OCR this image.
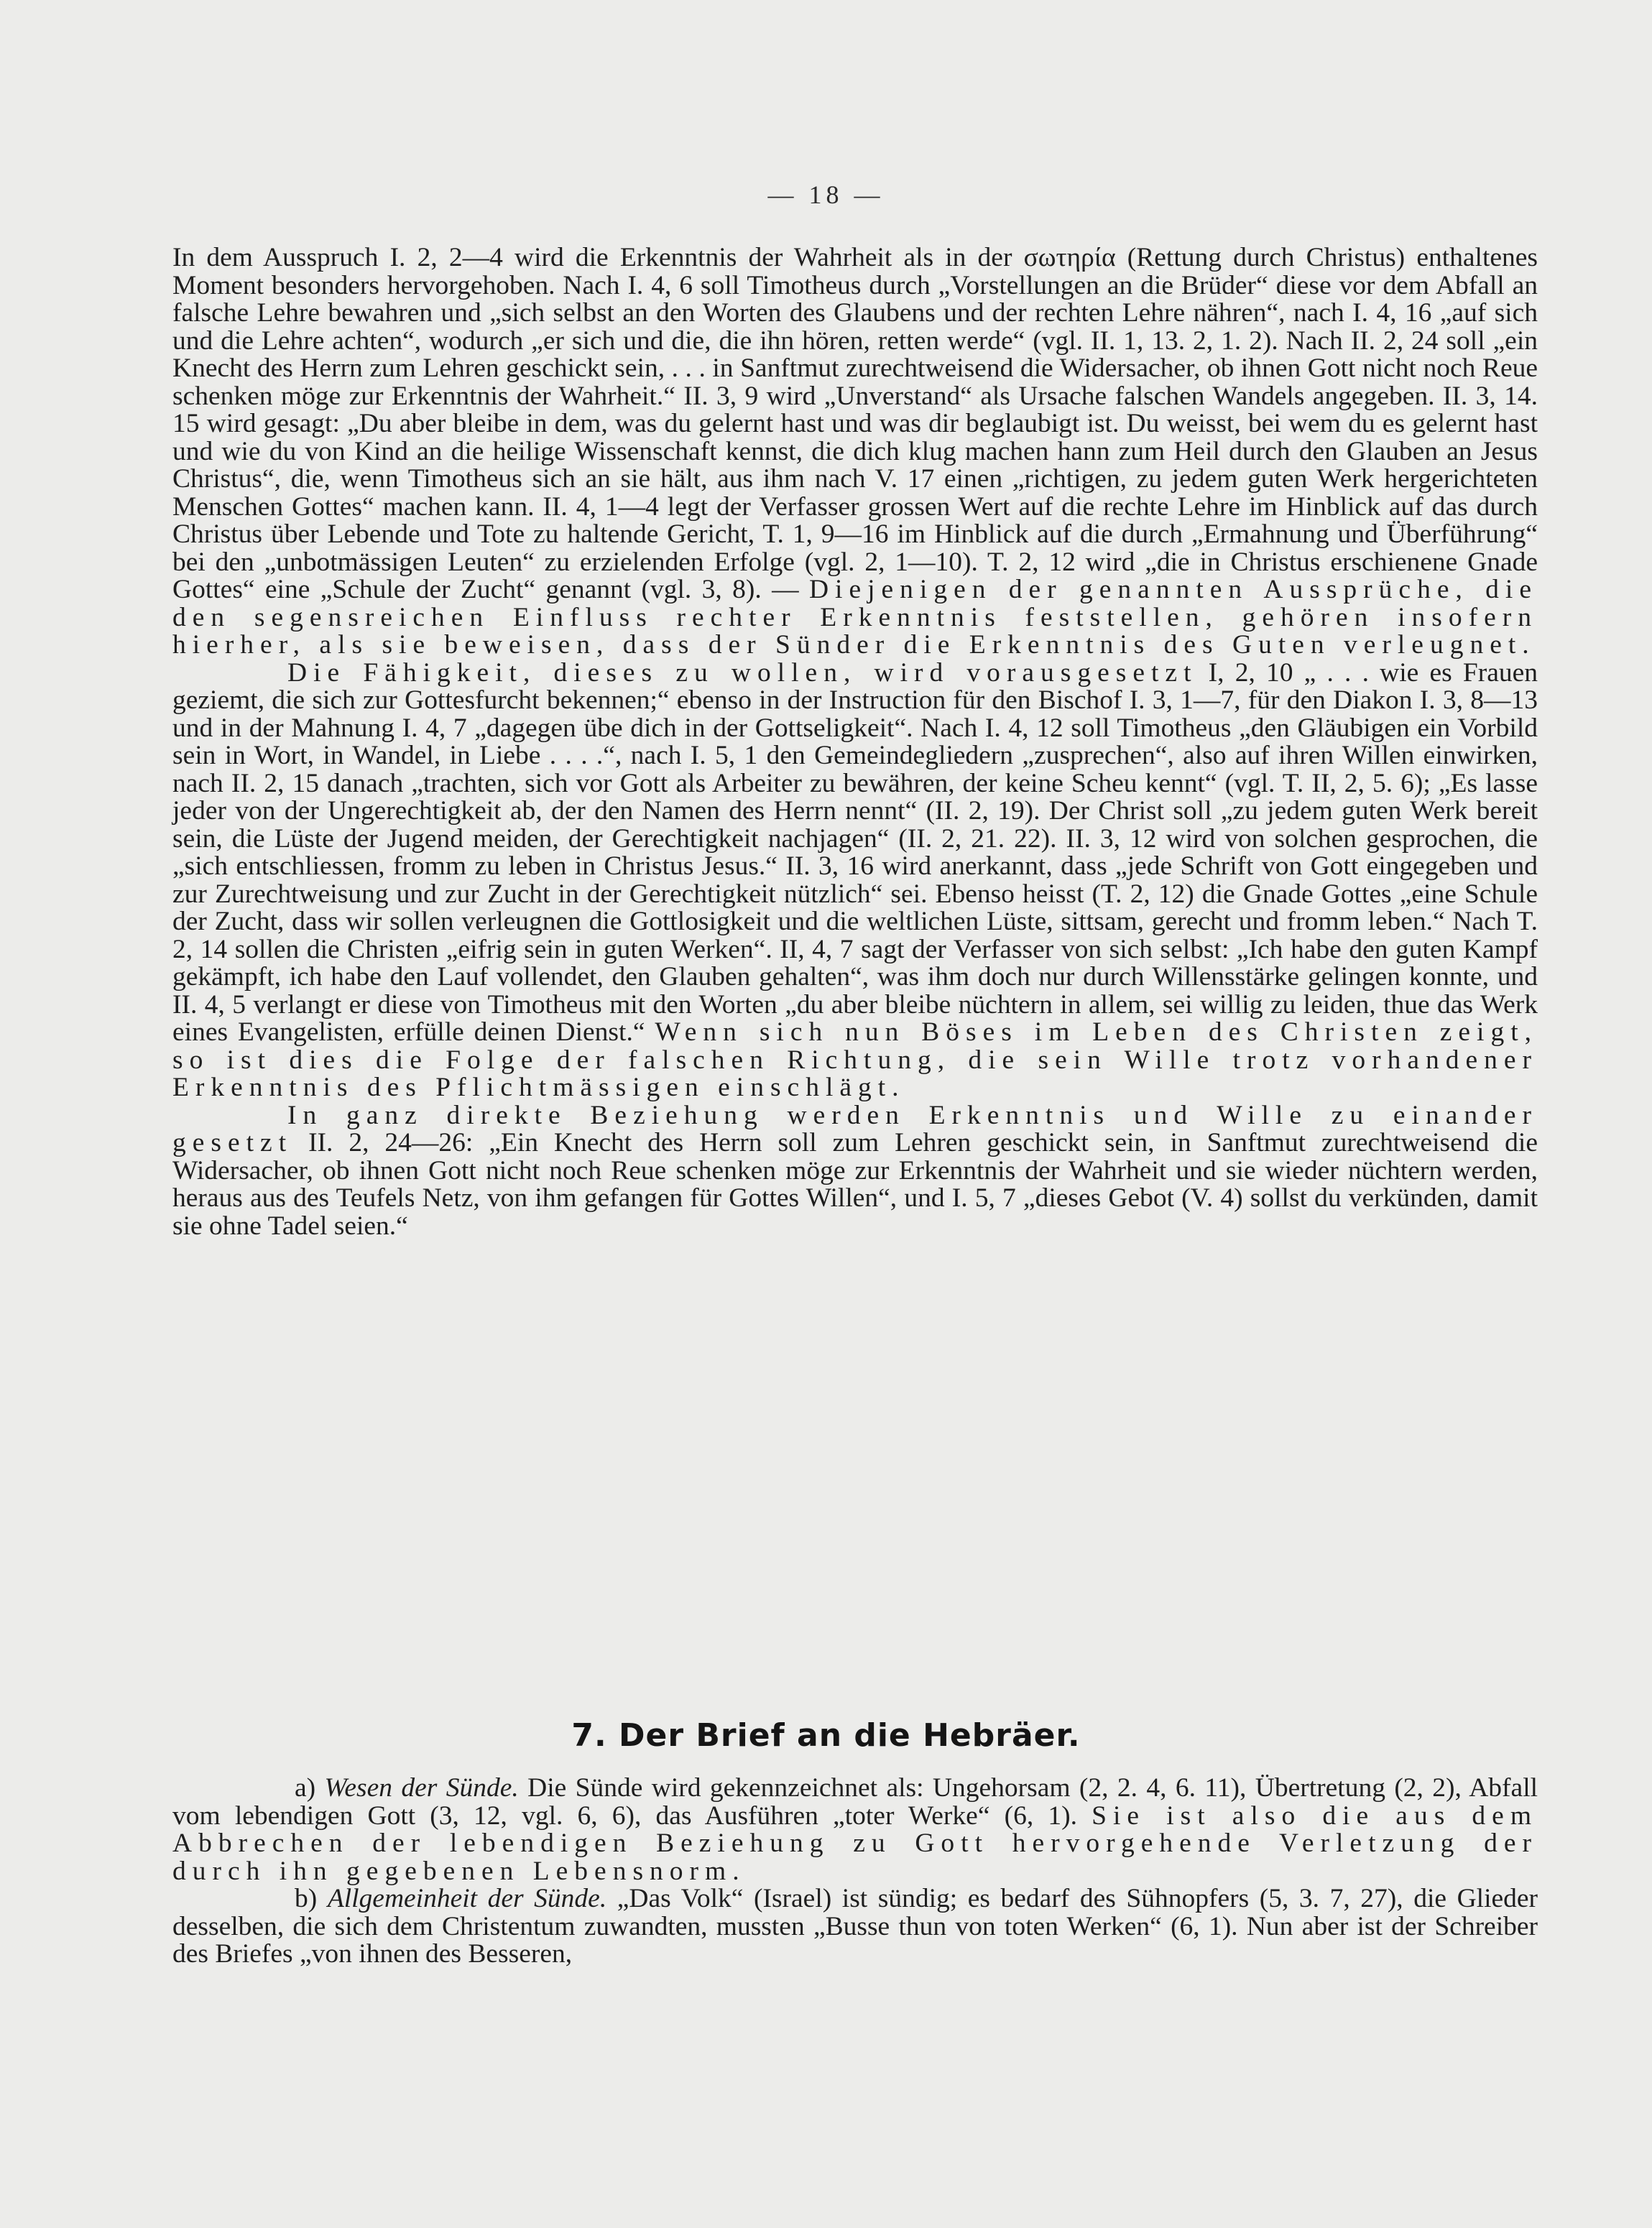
— 18 —

In dem Ausspruch I. 2, 2—4 wird die Erkenntnis der Wahrheit als in der σωτηρία (Rettung durch Christus) enthaltenes Moment besonders hervorgehoben. Nach I. 4, 6 soll Timotheus durch „Vorstellungen an die Brüder“ diese vor dem Abfall an falsche Lehre bewahren und „sich selbst an den Worten des Glaubens und der rechten Lehre nähren“, nach I. 4, 16 „auf sich und die Lehre achten“, wodurch „er sich und die, die ihn hören, retten werde“ (vgl. II. 1, 13. 2, 1. 2). Nach II. 2, 24 soll „ein Knecht des Herrn zum Lehren geschickt sein, . . . in Sanftmut zurechtweisend die Widersacher, ob ihnen Gott nicht noch Reue schenken möge zur Erkenntnis der Wahrheit.“ II. 3, 9 wird „Unverstand“ als Ursache falschen Wandels angegeben. II. 3, 14. 15 wird gesagt: „Du aber bleibe in dem, was du gelernt hast und was dir beglaubigt ist. Du weisst, bei wem du es gelernt hast und wie du von Kind an die heilige Wissenschaft kennst, die dich klug machen hann zum Heil durch den Glauben an Jesus Christus“, die, wenn Timotheus sich an sie hält, aus ihm nach V. 17 einen „richtigen, zu jedem guten Werk hergerichteten Menschen Gottes“ machen kann. II. 4, 1—4 legt der Verfasser grossen Wert auf die rechte Lehre im Hinblick auf das durch Christus über Lebende und Tote zu haltende Gericht, T. 1, 9—16 im Hinblick auf die durch „Ermahnung und Überführung“ bei den „unbotmässigen Leuten“ zu erzielenden Erfolge (vgl. 2, 1—10). T. 2, 12 wird „die in Christus erschienene Gnade Gottes“ eine „Schule der Zucht“ genannt (vgl. 3, 8). — Diejenigen der genannten Aussprüche, die den segensreichen Einfluss rechter Erkenntnis feststellen, gehören insofern hierher, als sie beweisen, dass der Sünder die Erkenntnis des Guten verleugnet.

Die Fähigkeit, dieses zu wollen, wird vorausgesetzt I, 2, 10 „ . . . wie es Frauen geziemt, die sich zur Gottesfurcht bekennen;“ ebenso in der Instruction für den Bischof I. 3, 1—7, für den Diakon I. 3, 8—13 und in der Mahnung I. 4, 7 „dagegen übe dich in der Gottseligkeit“. Nach I. 4, 12 soll Timotheus „den Gläubigen ein Vorbild sein in Wort, in Wandel, in Liebe . . . .“, nach I. 5, 1 den Gemeindegliedern „zusprechen“, also auf ihren Willen einwirken, nach II. 2, 15 danach „trachten, sich vor Gott als Arbeiter zu bewähren, der keine Scheu kennt“ (vgl. T. II, 2, 5. 6); „Es lasse jeder von der Ungerechtigkeit ab, der den Namen des Herrn nennt“ (II. 2, 19). Der Christ soll „zu jedem guten Werk bereit sein, die Lüste der Jugend meiden, der Gerechtigkeit nachjagen“ (II. 2, 21. 22). II. 3, 12 wird von solchen gesprochen, die „sich entschliessen, fromm zu leben in Christus Jesus.“ II. 3, 16 wird anerkannt, dass „jede Schrift von Gott eingegeben und zur Zurechtweisung und zur Zucht in der Gerechtigkeit nützlich“ sei. Ebenso heisst (T. 2, 12) die Gnade Gottes „eine Schule der Zucht, dass wir sollen verleugnen die Gottlosigkeit und die weltlichen Lüste, sittsam, gerecht und fromm leben.“ Nach T. 2, 14 sollen die Christen „eifrig sein in guten Werken“. II, 4, 7 sagt der Verfasser von sich selbst: „Ich habe den guten Kampf gekämpft, ich habe den Lauf vollendet, den Glauben gehalten“, was ihm doch nur durch Willensstärke gelingen konnte, und II. 4, 5 verlangt er diese von Timotheus mit den Worten „du aber bleibe nüchtern in allem, sei willig zu leiden, thue das Werk eines Evangelisten, erfülle deinen Dienst.“ Wenn sich nun Böses im Leben des Christen zeigt, so ist dies die Folge der falschen Richtung, die sein Wille trotz vorhandener Erkenntnis des Pflichtmässigen einschlägt.

In ganz direkte Beziehung werden Erkenntnis und Wille zu einander gesetzt II. 2, 24—26: „Ein Knecht des Herrn soll zum Lehren geschickt sein, in Sanftmut zurechtweisend die Widersacher, ob ihnen Gott nicht noch Reue schenken möge zur Erkenntnis der Wahrheit und sie wieder nüchtern werden, heraus aus des Teufels Netz, von ihm gefangen für Gottes Willen“, und I. 5, 7 „dieses Gebot (V. 4) sollst du verkünden, damit sie ohne Tadel seien.“

7. Der Brief an die Hebräer.

a) Wesen der Sünde. Die Sünde wird gekennzeichnet als: Ungehorsam (2, 2. 4, 6. 11), Übertretung (2, 2), Abfall vom lebendigen Gott (3, 12, vgl. 6, 6), das Ausführen „toter Werke“ (6, 1). Sie ist also die aus dem Abbrechen der lebendigen Beziehung zu Gott hervorgehende Verletzung der durch ihn gegebenen Lebensnorm.

b) Allgemeinheit der Sünde. „Das Volk“ (Israel) ist sündig; es bedarf des Sühnopfers (5, 3. 7, 27), die Glieder desselben, die sich dem Christentum zuwandten, mussten „Busse thun von toten Werken“ (6, 1). Nun aber ist der Schreiber des Briefes „von ihnen des Besseren,
